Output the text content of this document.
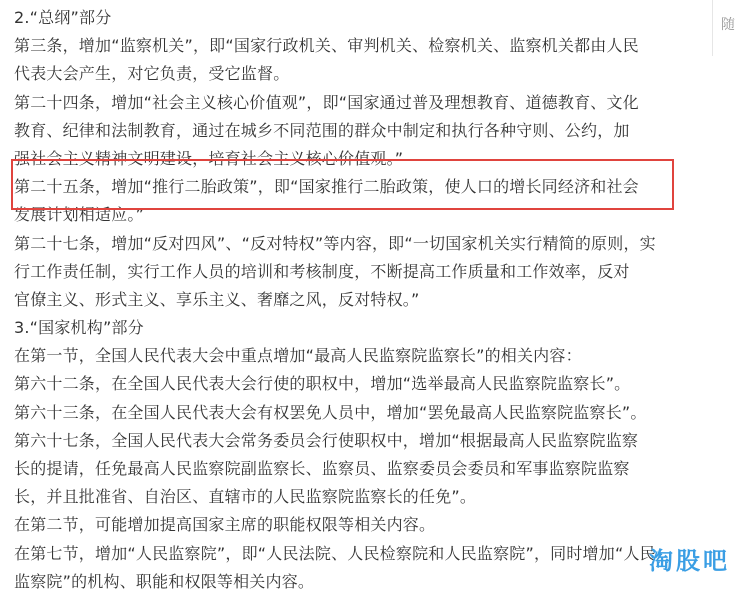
2.“总纲”部分
第三条，增加“监察机关”，即“国家行政机关、审判机关、检察机关、监察机关都由人民
代表大会产生，对它负责，受它监督。
第二十四条，增加“社会主义核心价值观”，即“国家通过普及理想教育、道德教育、文化
教育、纪律和法制教育，通过在城乡不同范围的群众中制定和执行各种守则、公约，加
强社会主义精神文明建设，培育社会主义核心价值观。”
第二十五条，增加“推行二胎政策”，即“国家推行二胎政策，使人口的增长同经济和社会
发展计划相适应。”
第二十七条，增加“反对四风”、“反对特权”等内容，即“一切国家机关实行精简的原则，实
行工作责任制，实行工作人员的培训和考核制度，不断提高工作质量和工作效率，反对
官僚主义、形式主义、享乐主义、奢靡之风，反对特权。”
3.“国家机构”部分
在第一节，全国人民代表大会中重点增加“最高人民监察院监察长”的相关内容：
第六十二条，在全国人民代表大会行使的职权中，增加“选举最高人民监察院监察长”。
第六十三条，在全国人民代表大会有权罢免人员中，增加“罢免最高人民监察院监察长”。
第六十七条，全国人民代表大会常务委员会行使职权中，增加“根据最高人民监察院监察
长的提请，任免最高人民监察院副监察长、监察员、监察委员会委员和军事监察院监察
长，并且批准省、自治区、直辖市的人民监察院监察长的任免”。
在第二节，可能增加提高国家主席的职能权限等相关内容。
在第七节，增加“人民监察院”，即“人民法院、人民检察院和人民监察院”，同时增加“人民
监察院”的机构、职能和权限等相关内容。
随
淘股吧
